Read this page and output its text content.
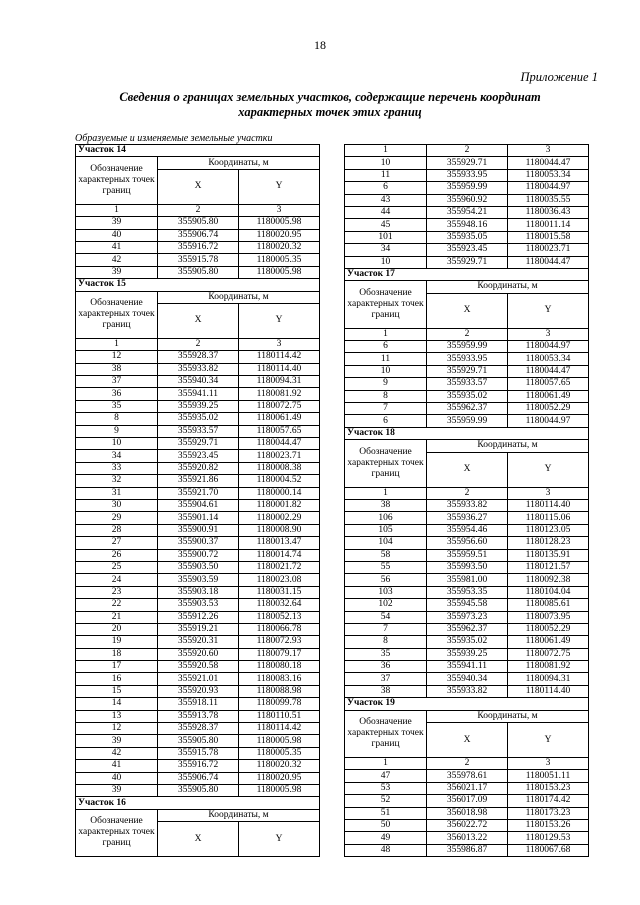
18
Приложение 1
Сведения о границах земельных участков, содержащие перечень координат характерных точек этих границ
Образуемые и изменяемые земельные участки
Участок 14		
Обозначение характерных точек границ	Координаты, м	
	X	Y
1	2	3
39	355905.80	1180005.98
40	355906.74	1180020.95
41	355916.72	1180020.32
42	355915.78	1180005.35
39	355905.80	1180005.98
Участок 15		
Обозначение характерных точек границ	Координаты, м	
	X	Y
1	2	3
12	355928.37	1180114.42
38	355933.82	1180114.40
37	355940.34	1180094.31
36	355941.11	1180081.92
35	355939.25	1180072.75
8	355935.02	1180061.49
9	355933.57	1180057.65
10	355929.71	1180044.47
34	355923.45	1180023.71
33	355920.82	1180008.38
32	355921.86	1180004.52
31	355921.70	1180000.14
30	355904.61	1180001.82
29	355901.14	1180002.29
28	355900.91	1180008.90
27	355900.37	1180013.47
26	355900.72	1180014.74
25	355903.50	1180021.72
24	355903.59	1180023.08
23	355903.18	1180031.15
22	355903.53	1180032.64
21	355912.26	1180052.13
20	355919.21	1180066.78
19	355920.31	1180072.93
18	355920.60	1180079.17
17	355920.58	1180080.18
16	355921.01	1180083.16
15	355920.93	1180088.98
14	355918.11	1180099.78
13	355913.78	1180110.51
12	355928.37	1180114.42
39	355905.80	1180005.98
42	355915.78	1180005.35
41	355916.72	1180020.32
40	355906.74	1180020.95
39	355905.80	1180005.98
Участок 16		
Обозначение характерных точек границ	Координаты, м	
	X	Y
1	2	3
10	355929.71	1180044.47
11	355933.95	1180053.34
6	355959.99	1180044.97
43	355960.92	1180035.55
44	355954.21	1180036.43
45	355948.16	1180011.14
101	355935.05	1180015.58
34	355923.45	1180023.71
10	355929.71	1180044.47
Участок 17		
Обозначение характерных точек границ	Координаты, м	
	X	Y
1	2	3
6	355959.99	1180044.97
11	355933.95	1180053.34
10	355929.71	1180044.47
9	355933.57	1180057.65
8	355935.02	1180061.49
7	355962.37	1180052.29
6	355959.99	1180044.97
Участок 18		
Обозначение характерных точек границ	Координаты, м	
	X	Y
1	2	3
38	355933.82	1180114.40
106	355936.27	1180115.06
105	355954.46	1180123.05
104	355956.60	1180128.23
58	355959.51	1180135.91
55	355993.50	1180121.57
56	355981.00	1180092.38
103	355953.35	1180104.04
102	355945.58	1180085.61
54	355973.23	1180073.95
7	355962.37	1180052.29
8	355935.02	1180061.49
35	355939.25	1180072.75
36	355941.11	1180081.92
37	355940.34	1180094.31
38	355933.82	1180114.40
Участок 19		
Обозначение характерных точек границ	Координаты, м	
	X	Y
1	2	3
47	355978.61	1180051.11
53	356021.17	1180153.23
52	356017.09	1180174.42
51	356018.98	1180173.23
50	356022.72	1180153.26
49	356013.22	1180129.53
48	355986.87	1180067.68
